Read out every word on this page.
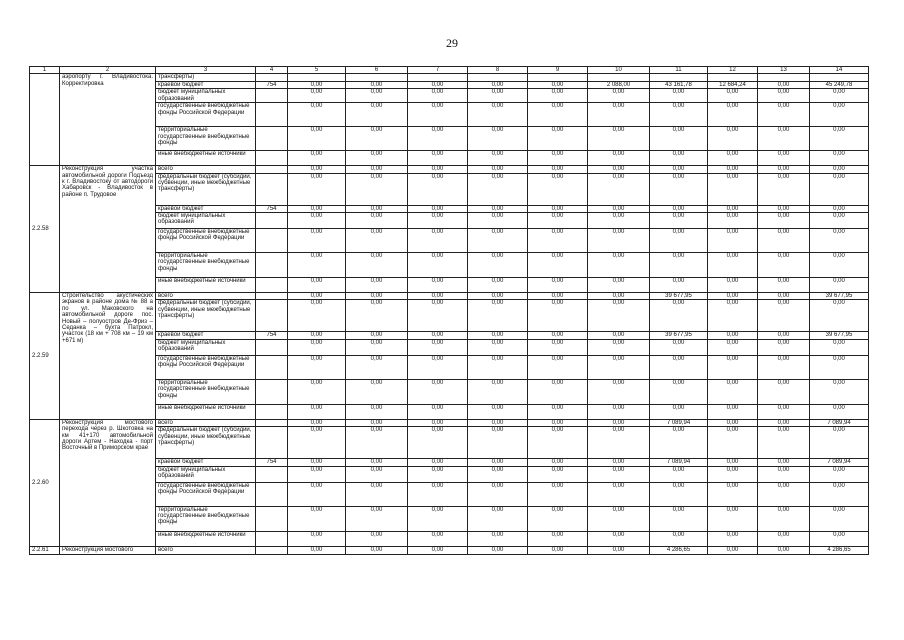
29
1	2	3	4	5	6	7	8	9	10	11	12	13	14
	аэропорту г. Владивостока. Корректировка	трансферты)											
		краевой бюджет	754	0,00	0,00	0,00	0,00	0,00	2 088,00	43 161,78	12 684,24	0,00	45 249,78
		бюджет муниципальных образований		0,00	0,00	0,00	0,00	0,00	0,00	0,00	0,00	0,00	0,00
		государственные внебюджетные фонды Российской Федерации		0,00	0,00	0,00	0,00	0,00	0,00	0,00	0,00	0,00	0,00
		территориальные государственные внебюджетные фонды		0,00	0,00	0,00	0,00	0,00	0,00	0,00	0,00	0,00	0,00
		иные внебюджетные источники		0,00	0,00	0,00	0,00	0,00	0,00	0,00	0,00	0,00	0,00
2.2.58	Реконструкция участка автомобильной дороги Подъезд к г. Владивостоку от автодороги Хабаровск - Владивосток в районе п. Трудовое	всего		0,00	0,00	0,00	0,00	0,00	0,00	0,00	0,00	0,00	0,00
		федеральный бюджет (субсидии, субвенции, иные межбюджетные трансферты)		0,00	0,00	0,00	0,00	0,00	0,00	0,00	0,00	0,00	0,00
		краевой бюджет	754	0,00	0,00	0,00	0,00	0,00	0,00	0,00	0,00	0,00	0,00
		бюджет муниципальных образований		0,00	0,00	0,00	0,00	0,00	0,00	0,00	0,00	0,00	0,00
		государственные внебюджетные фонды Российской Федерации		0,00	0,00	0,00	0,00	0,00	0,00	0,00	0,00	0,00	0,00
		территориальные государственные внебюджетные фонды		0,00	0,00	0,00	0,00	0,00	0,00	0,00	0,00	0,00	0,00
		иные внебюджетные источники		0,00	0,00	0,00	0,00	0,00	0,00	0,00	0,00	0,00	0,00
2.2.59	Строительство акустических экранов в районе дома № 88 а по ул. Маковского на автомобильной дороге пос. Новый – полуостров Де-Фриз – Седанка – бухта Патрокл, участок (18 км + 708 км – 19 км +671 м)	всего		0,00	0,00	0,00	0,00	0,00	0,00	39 677,95	0,00	0,00	39 677,95
		федеральный бюджет (субсидии, субвенции, иные межбюджетные трансферты)		0,00	0,00	0,00	0,00	0,00	0,00	0,00	0,00	0,00	0,00
		краевой бюджет	754	0,00	0,00	0,00	0,00	0,00	0,00	39 677,95	0,00	0,00	39 677,95
		бюджет муниципальных образований		0,00	0,00	0,00	0,00	0,00	0,00	0,00	0,00	0,00	0,00
		государственные внебюджетные фонды Российской Федерации		0,00	0,00	0,00	0,00	0,00	0,00	0,00	0,00	0,00	0,00
		территориальные государственные внебюджетные фонды		0,00	0,00	0,00	0,00	0,00	0,00	0,00	0,00	0,00	0,00
		иные внебюджетные источники		0,00	0,00	0,00	0,00	0,00	0,00	0,00	0,00	0,00	0,00
2.2.60	Реконструкция мостового перехода через р. Шкотовка на км 41+170 автомобильной дороги Артем - Находка - порт Восточный в Приморском крае	всего		0,00	0,00	0,00	0,00	0,00	0,00	7 089,94	0,00	0,00	7 089,94
		федеральный бюджет (субсидии, субвенции, иные межбюджетные трансферты)		0,00	0,00	0,00	0,00	0,00	0,00	0,00	0,00	0,00	0,00
		краевой бюджет	754	0,00	0,00	0,00	0,00	0,00	0,00	7 089,94	0,00	0,00	7 089,94
		бюджет муниципальных образований		0,00	0,00	0,00	0,00	0,00	0,00	0,00	0,00	0,00	0,00
		государственные внебюджетные фонды Российской Федерации		0,00	0,00	0,00	0,00	0,00	0,00	0,00	0,00	0,00	0,00
		территориальные государственные внебюджетные фонды		0,00	0,00	0,00	0,00	0,00	0,00	0,00	0,00	0,00	0,00
		иные внебюджетные источники		0,00	0,00	0,00	0,00	0,00	0,00	0,00	0,00	0,00	0,00
2.2.61	Реконструкция мостового	всего		0,00	0,00	0,00	0,00	0,00	0,00	4 286,65	0,00	0,00	4 286,65
